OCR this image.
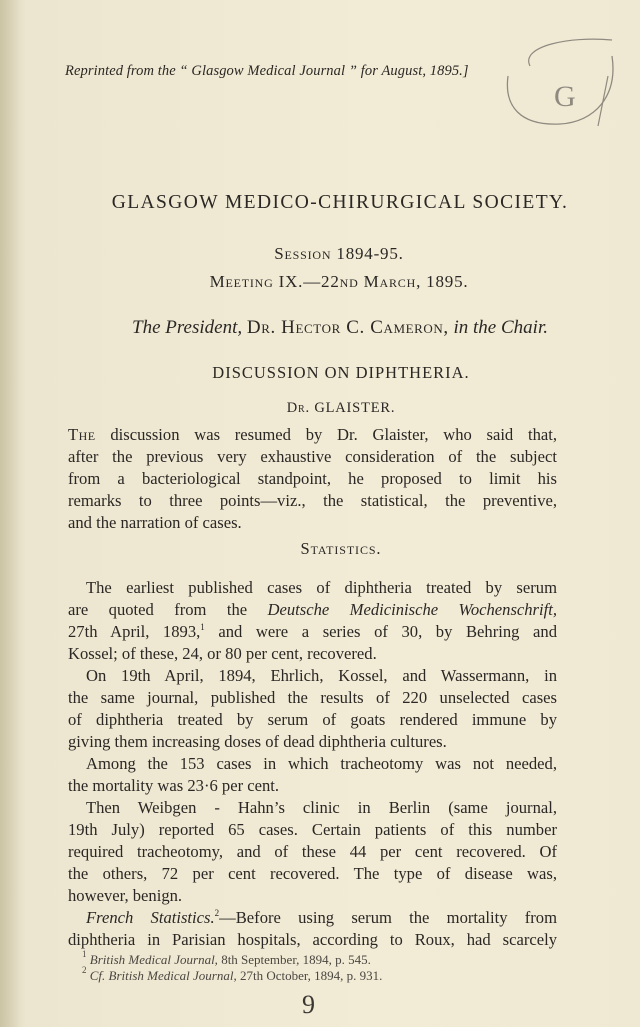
Reprinted from the “ Glasgow Medical Journal ” for August, 1895.]
G
GLASGOW MEDICO-CHIRURGICAL SOCIETY.
Session 1894-95.
Meeting IX.—22nd March, 1895.
The President, Dr. Hector C. Cameron, in the Chair.
DISCUSSION ON DIPHTHERIA.
Dr. GLAISTER.
The discussion was resumed by Dr. Glaister, who said that,
after the previous very exhaustive consideration of the subject
from a bacteriological standpoint, he proposed to limit his
remarks to three points—viz., the statistical, the preventive,
and the narration of cases.
Statistics.
The earliest published cases of diphtheria treated by serum
are quoted from the Deutsche Medicinische Wochenschrift,
27th April, 1893,$^1$ and were a series of 30, by Behring and
Kossel; of these, 24, or 80 per cent, recovered.
On 19th April, 1894, Ehrlich, Kossel, and Wassermann, in
the same journal, published the results of 220 unselected cases
of diphtheria treated by serum of goats rendered immune by
giving them increasing doses of dead diphtheria cultures.
Among the 153 cases in which tracheotomy was not needed,
the mortality was 23·6 per cent.
Then Weibgen - Hahn’s clinic in Berlin (same journal,
19th July) reported 65 cases. Certain patients of this number
required tracheotomy, and of these 44 per cent recovered. Of
the others, 72 per cent recovered. The type of disease was,
however, benign.
French Statistics.$^2$—Before using serum the mortality from
diphtheria in Parisian hospitals, according to Roux, had scarcely
$^1$ British Medical Journal, 8th September, 1894, p. 545.
$^2$ Cf. British Medical Journal, 27th October, 1894, p. 931.
9
